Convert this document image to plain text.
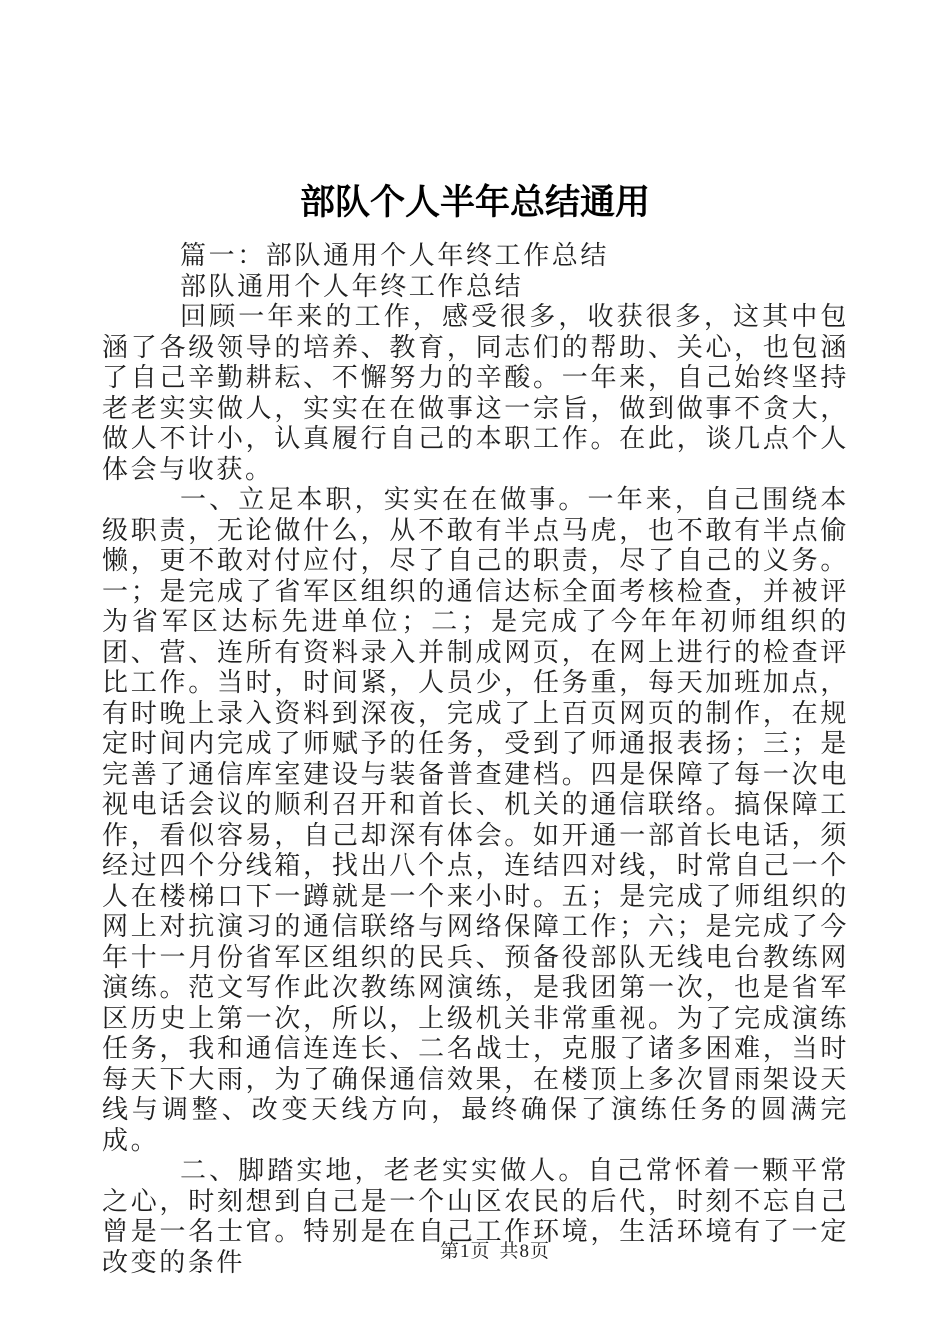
部队个人半年总结通用

篇一：部队通用个人年终工作总结

部队通用个人年终工作总结

回顾一年来的工作，感受很多，收获很多，这其中包涵了各级领导的培养、教育，同志们的帮助、关心，也包涵了自己辛勤耕耘、不懈努力的辛酸。一年来，自己始终坚持老老实实做人，实实在在做事这一宗旨，做到做事不贪大，做人不计小，认真履行自己的本职工作。在此，谈几点个人体会与收获。

一、立足本职，实实在在做事。一年来，自己围绕本级职责，无论做什么，从不敢有半点马虎，也不敢有半点偷懒，更不敢对付应付，尽了自己的职责，尽了自己的义务。一；是完成了省军区组织的通信达标全面考核检查，并被评为省军区达标先进单位；二；是完成了今年年初师组织的团、营、连所有资料录入并制成网页，在网上进行的检查评比工作。当时，时间紧，人员少，任务重，每天加班加点，有时晚上录入资料到深夜，完成了上百页网页的制作，在规定时间内完成了师赋予的任务，受到了师通报表扬；三；是完善了通信库室建设与装备普查建档。四是保障了每一次电视电话会议的顺利召开和首长、机关的通信联络。搞保障工作，看似容易，自己却深有体会。如开通一部首长电话，须经过四个分线箱，找出八个点，连结四对线，时常自己一个人在楼梯口下一蹲就是一个来小时。五；是完成了师组织的网上对抗演习的通信联络与网络保障工作；六；是完成了今年十一月份省军区组织的民兵、预备役部队无线电台教练网演练。范文写作此次教练网演练，是我团第一次，也是省军区历史上第一次，所以，上级机关非常重视。为了完成演练任务，我和通信连连长、二名战士，克服了诸多困难，当时每天下大雨，为了确保通信效果，在楼顶上多次冒雨架设天线与调整、改变天线方向，最终确保了演练任务的圆满完成。

二、脚踏实地，老老实实做人。自己常怀着一颗平常之心，时刻想到自己是一个山区农民的后代，时刻不忘自己曾是一名士官。特别是在自己工作环境，生活环境有了一定改变的条件	第1页 共8页
